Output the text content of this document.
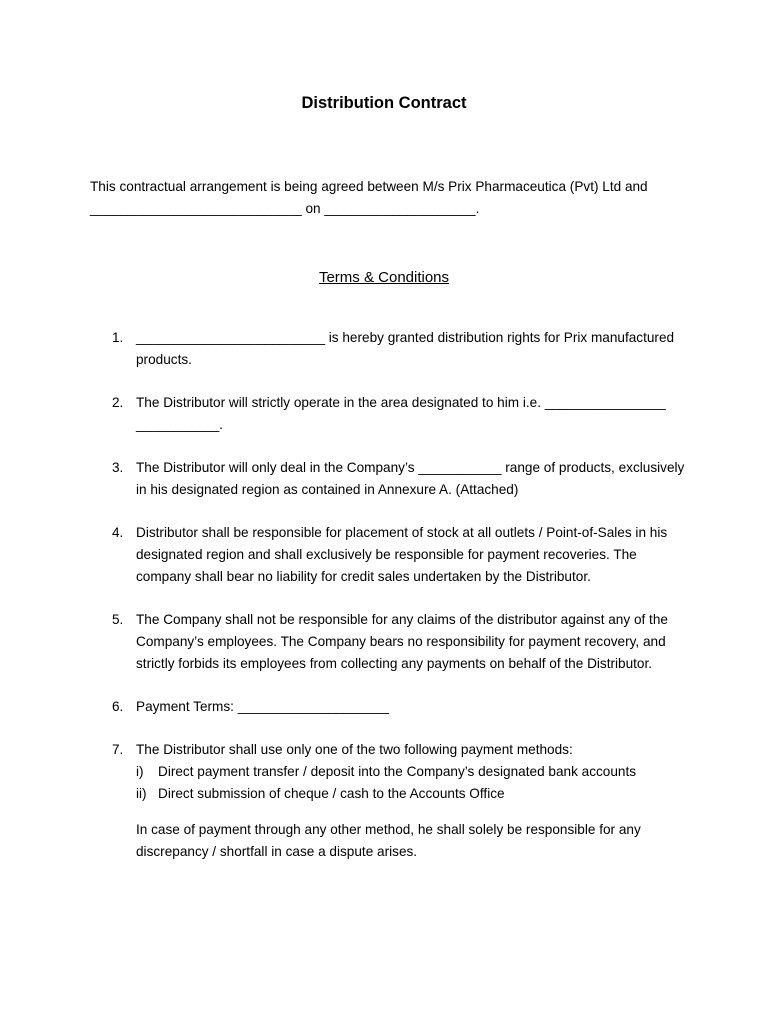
Distribution Contract

This contractual arrangement is being agreed between M/s Prix Pharmaceutica (Pvt) Ltd and
____________________________ on ____________________.

Terms & Conditions
1. _________________________ is hereby granted distribution rights for Prix manufactured products.

2. The Distributor will strictly operate in the area designated to him i.e. ________________ ___________.

3. The Distributor will only deal in the Company’s ___________ range of products, exclusively in his designated region as contained in Annexure A. (Attached)

4. Distributor shall be responsible for placement of stock at all outlets / Point-of-Sales in his designated region and shall exclusively be responsible for payment recoveries. The company shall bear no liability for credit sales undertaken by the Distributor.

5. The Company shall not be responsible for any claims of the distributor against any of the Company’s employees. The Company bears no responsibility for payment recovery, and strictly forbids its employees from collecting any payments on behalf of the Distributor.

6. Payment Terms: ____________________

7. The Distributor shall use only one of the two following payment methods:

i) Direct payment transfer / deposit into the Company’s designated bank accounts
ii) Direct submission of cheque / cash to the Accounts Office

In case of payment through any other method, he shall solely be responsible for any discrepancy / shortfall in case a dispute arises.
